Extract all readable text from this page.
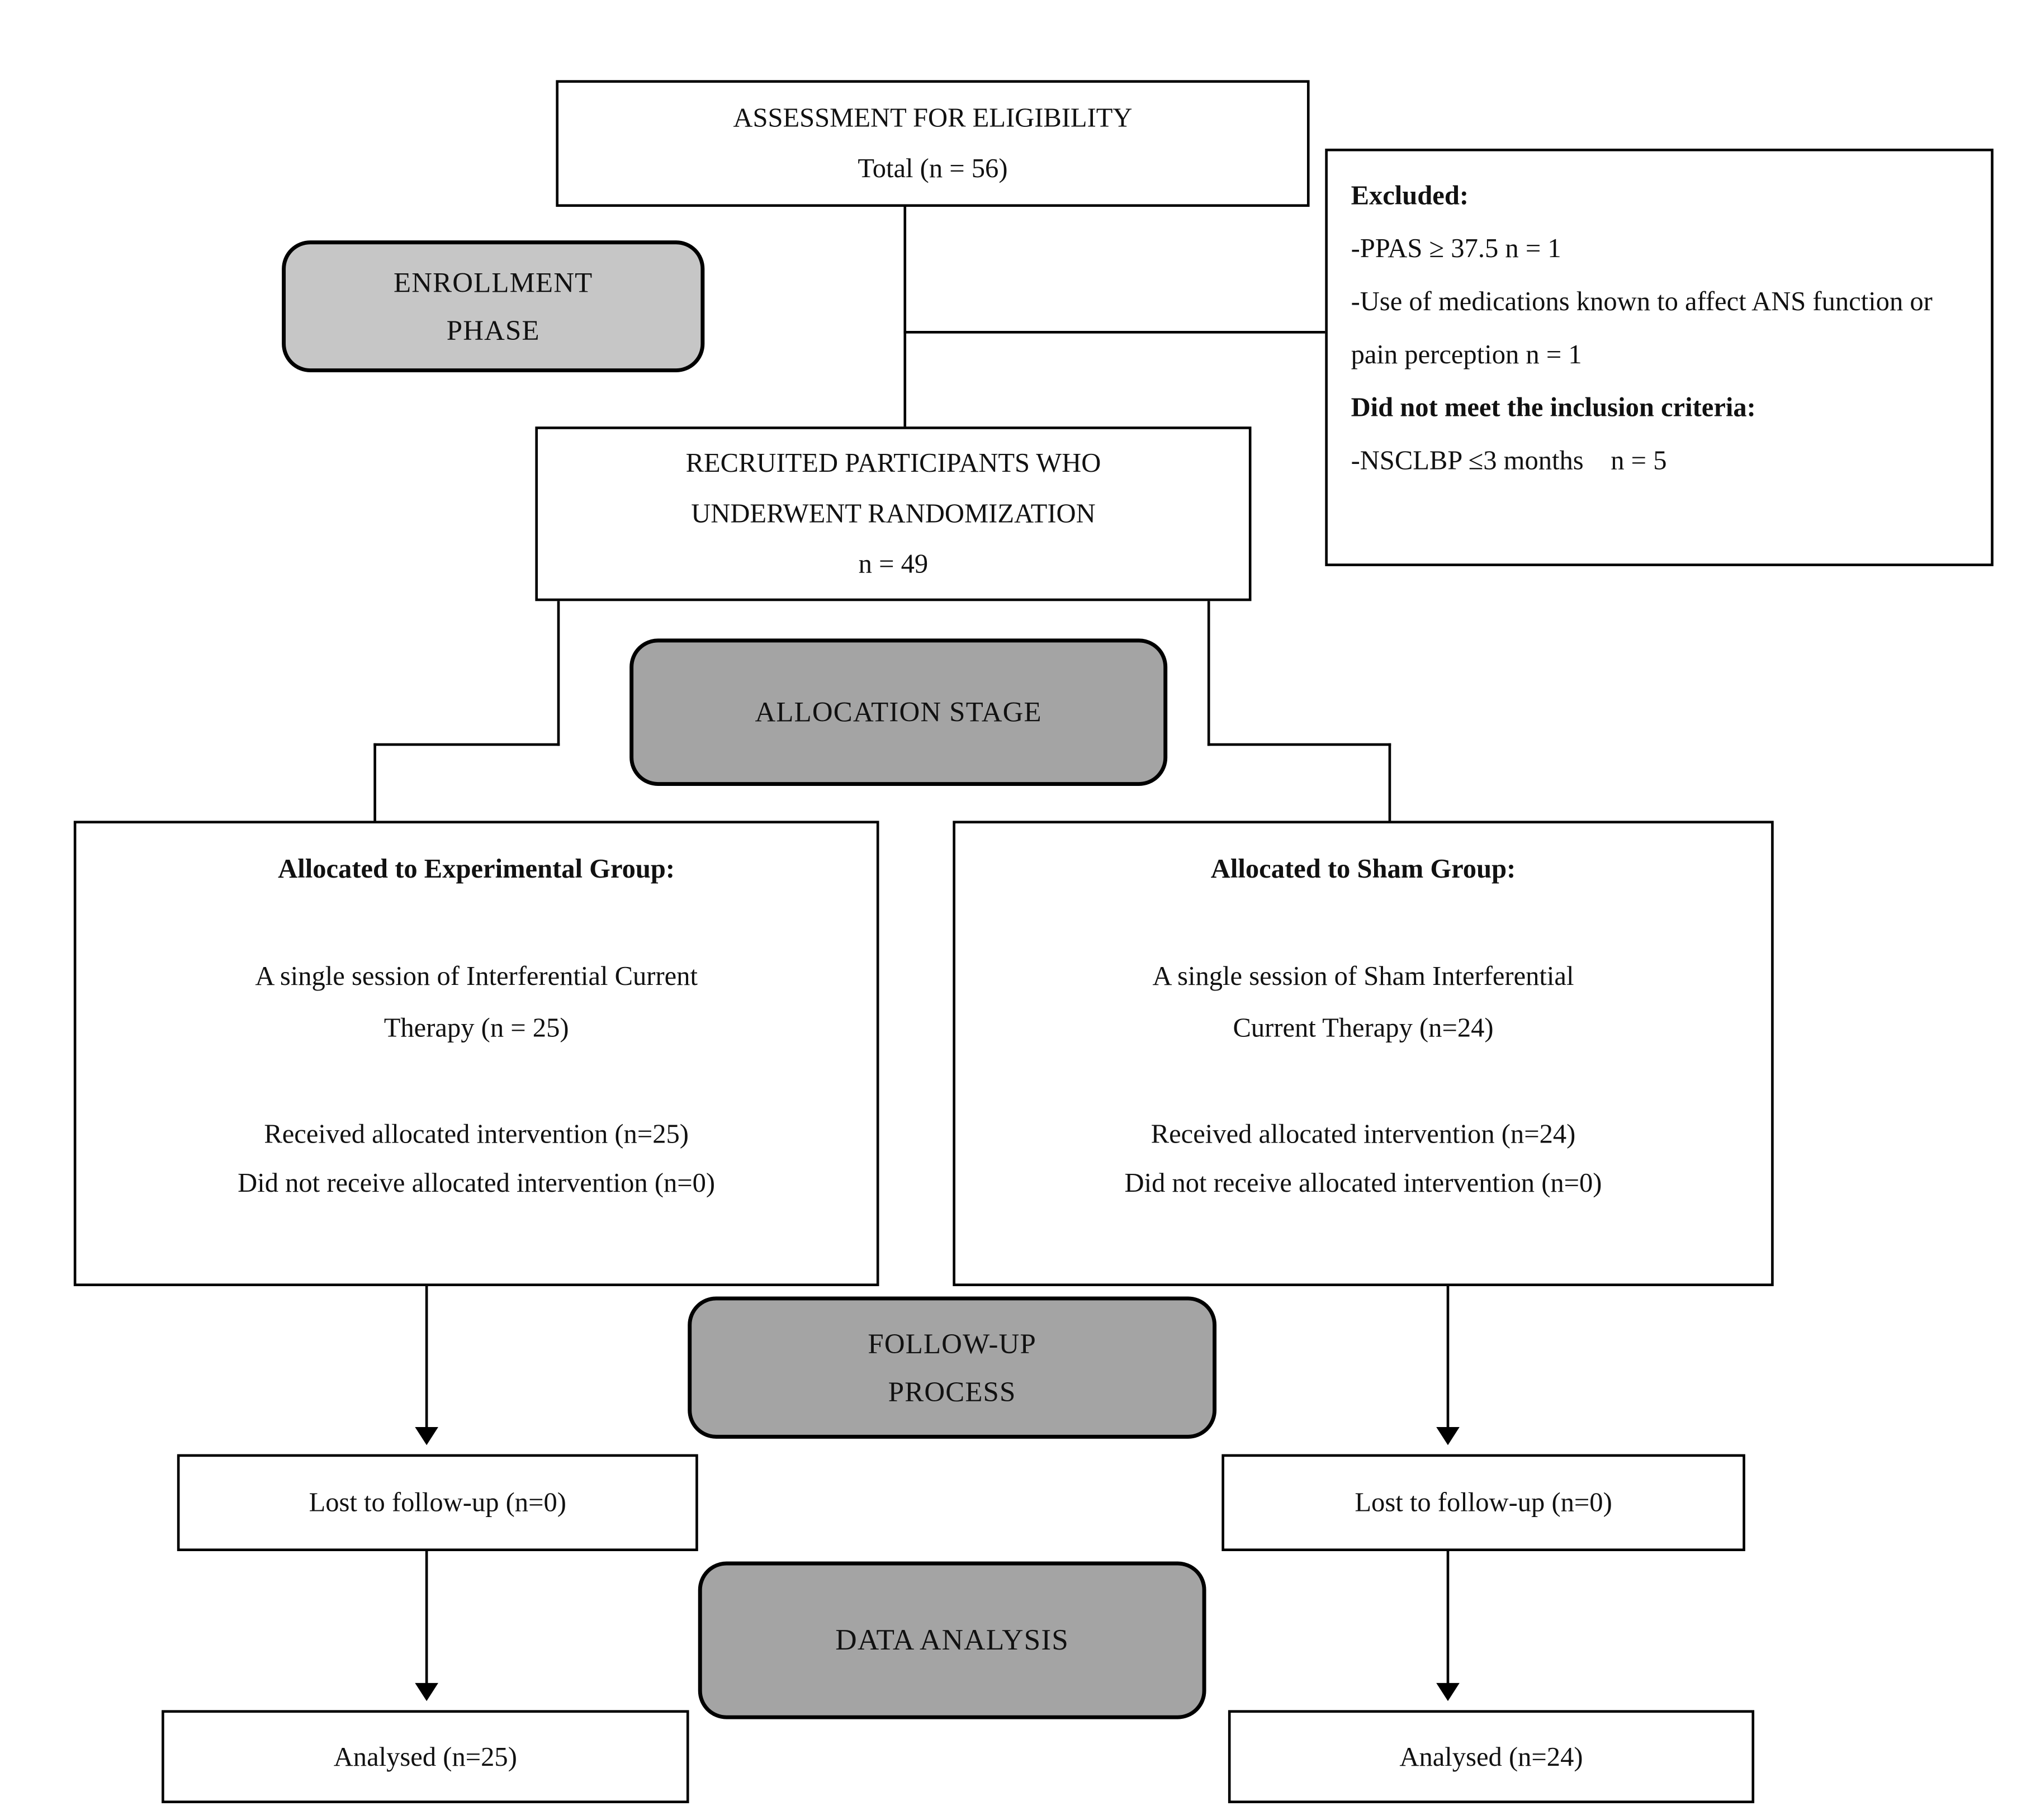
ASSESSMENT FOR ELIGIBILITY
Total (n = 56)
ENROLLMENT
PHASE
Excluded:
-PPAS ≥ 37.5 n = 1
-Use of medications known to affect ANS function or pain perception n = 1
Did not meet the inclusion criteria:
-NSCLBP ≤3 months    n = 5
RECRUITED PARTICIPANTS WHO
UNDERWENT RANDOMIZATION
n = 49
ALLOCATION STAGE
Allocated to Experimental Group:
A single session of Interferential Current
Therapy (n = 25)
Received allocated intervention (n=25)
Did not receive allocated intervention (n=0)
Allocated to Sham Group:
A single session of Sham Interferential
Current Therapy (n=24)
Received allocated intervention (n=24)
Did not receive allocated intervention (n=0)
FOLLOW-UP
PROCESS
Lost to follow-up (n=0)	Lost to follow-up (n=0)
DATA ANALYSIS
Analysed (n=25)	Analysed (n=24)
